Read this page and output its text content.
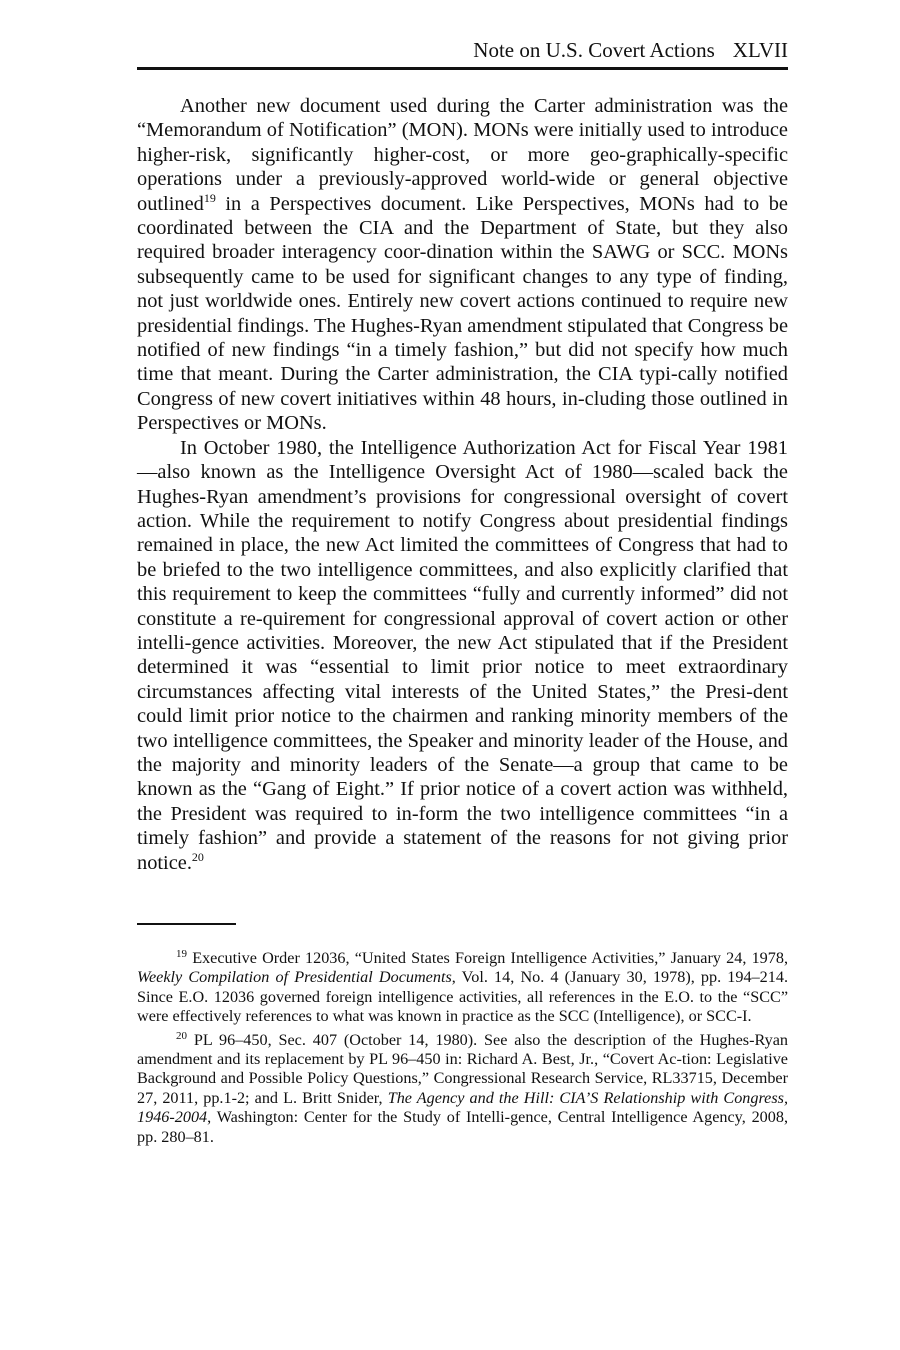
Note on U.S. Covert Actions XLVII

Another new document used during the Carter administration was the “Memorandum of Notification” (MON). MONs were initially used to introduce higher-risk, significantly higher-cost, or more geo-graphically-specific operations under a previously-approved world-wide or general objective outlined$^{19}$ in a Perspectives document. Like Perspectives, MONs had to be coordinated between the CIA and the Department of State, but they also required broader interagency coor-dination within the SAWG or SCC. MONs subsequently came to be used for significant changes to any type of finding, not just worldwide ones. Entirely new covert actions continued to require new presidential findings. The Hughes-Ryan amendment stipulated that Congress be notified of new findings “in a timely fashion,” but did not specify how much time that meant. During the Carter administration, the CIA typi-cally notified Congress of new covert initiatives within 48 hours, in-cluding those outlined in Perspectives or MONs.

In October 1980, the Intelligence Authorization Act for Fiscal Year 1981—also known as the Intelligence Oversight Act of 1980—scaled back the Hughes-Ryan amendment’s provisions for congressional oversight of covert action. While the requirement to notify Congress about presidential findings remained in place, the new Act limited the committees of Congress that had to be briefed to the two intelligence committees, and also explicitly clarified that this requirement to keep the committees “fully and currently informed” did not constitute a re-quirement for congressional approval of covert action or other intelli-gence activities. Moreover, the new Act stipulated that if the President determined it was “essential to limit prior notice to meet extraordinary circumstances affecting vital interests of the United States,” the Presi-dent could limit prior notice to the chairmen and ranking minority members of the two intelligence committees, the Speaker and minority leader of the House, and the majority and minority leaders of the Senate—a group that came to be known as the “Gang of Eight.” If prior notice of a covert action was withheld, the President was required to in-form the two intelligence committees “in a timely fashion” and provide a statement of the reasons for not giving prior notice.$^{20}$

$^{19}$ Executive Order 12036, “United States Foreign Intelligence Activities,” January 24, 1978, Weekly Compilation of Presidential Documents, Vol. 14, No. 4 (January 30, 1978), pp. 194–214. Since E.O. 12036 governed foreign intelligence activities, all references in the E.O. to the “SCC” were effectively references to what was known in practice as the SCC (Intelligence), or SCC-I.

$^{20}$ PL 96–450, Sec. 407 (October 14, 1980). See also the description of the Hughes-Ryan amendment and its replacement by PL 96–450 in: Richard A. Best, Jr., “Covert Ac-tion: Legislative Background and Possible Policy Questions,” Congressional Research Service, RL33715, December 27, 2011, pp.1-2; and L. Britt Snider, The Agency and the Hill: CIA’S Relationship with Congress, 1946-2004, Washington: Center for the Study of Intelli-gence, Central Intelligence Agency, 2008, pp. 280–81.
